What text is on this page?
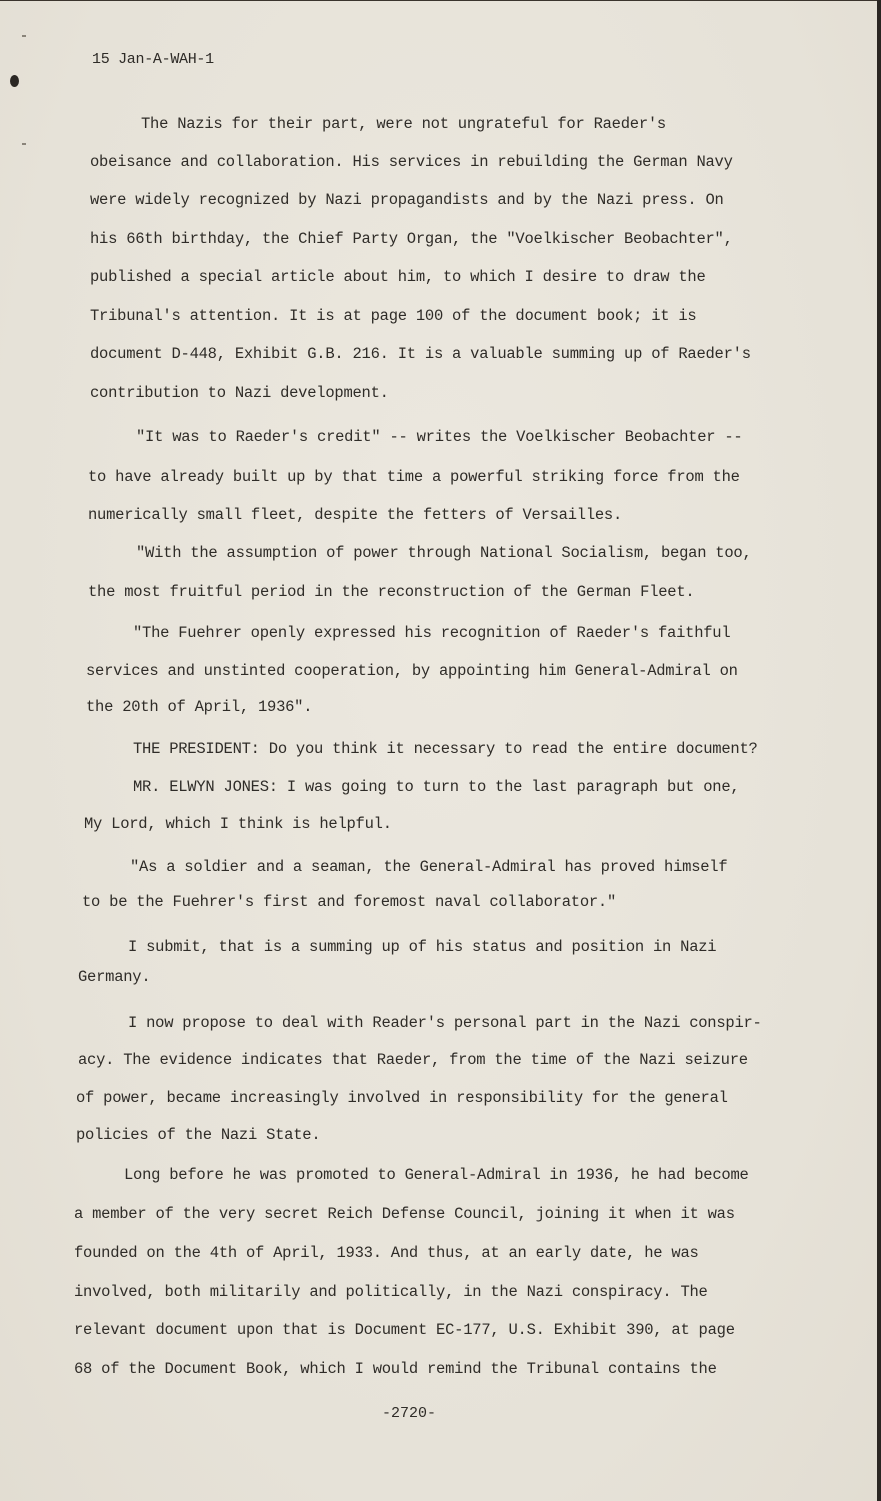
15 Jan-A-WAH-1
The Nazis for their part, were not ungrateful for Raeder's
obeisance and collaboration. His services in rebuilding the German Navy
were widely recognized by Nazi propagandists and by the Nazi press. On
his 66th birthday, the Chief Party Organ, the "Voelkischer Beobachter",
published a special article about him, to which I desire to draw the
Tribunal's attention. It is at page 100 of the document book; it is
document D-448, Exhibit G.B. 216. It is a valuable summing up of Raeder's
contribution to Nazi development.
"It was to Raeder's credit" -- writes the Voelkischer Beobachter --
to have already built up by that time a powerful striking force from the
numerically small fleet, despite the fetters of Versailles.
"With the assumption of power through National Socialism, began too,
the most fruitful period in the reconstruction of the German Fleet.
"The Fuehrer openly expressed his recognition of Raeder's faithful
services and unstinted cooperation, by appointing him General-Admiral on
the 20th of April, 1936".
THE PRESIDENT: Do you think it necessary to read the entire document?
MR. ELWYN JONES: I was going to turn to the last paragraph but one,
My Lord, which I think is helpful.
"As a soldier and a seaman, the General-Admiral has proved himself
to be the Fuehrer's first and foremost naval collaborator."
I submit, that is a summing up of his status and position in Nazi
Germany.
I now propose to deal with Reader's personal part in the Nazi conspir-
acy. The evidence indicates that Raeder, from the time of the Nazi seizure
of power, became increasingly involved in responsibility for the general
policies of the Nazi State.
Long before he was promoted to General-Admiral in 1936, he had become
a member of the very secret Reich Defense Council, joining it when it was
founded on the 4th of April, 1933. And thus, at an early date, he was
involved, both militarily and politically, in the Nazi conspiracy. The
relevant document upon that is Document EC-177, U.S. Exhibit 390, at page
68 of the Document Book, which I would remind the Tribunal contains the
-2720-
